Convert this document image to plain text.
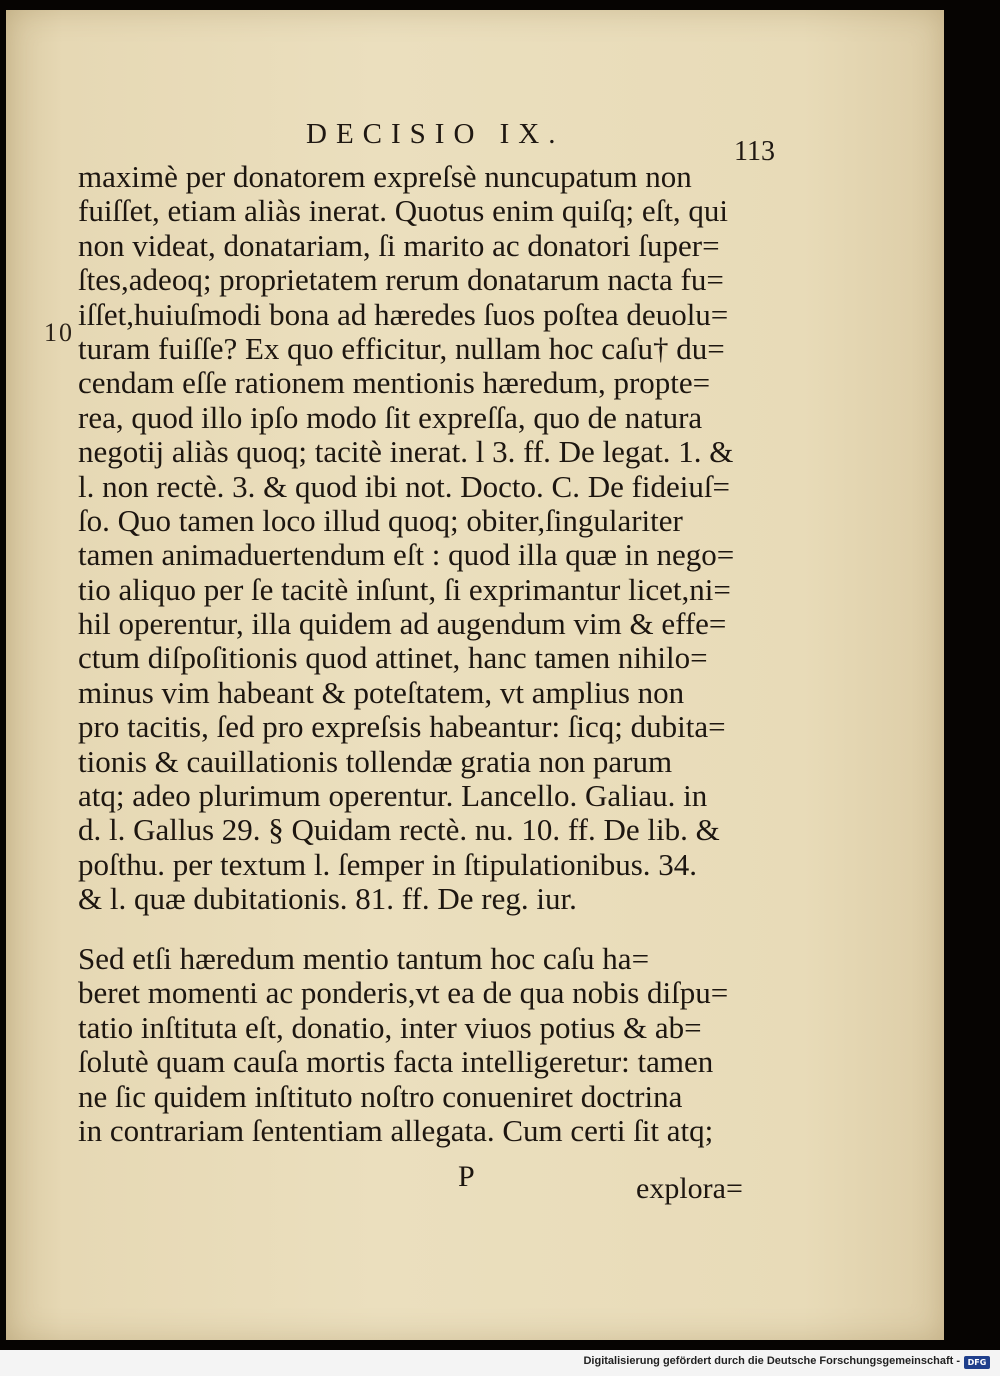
DECISIO IX.
113
10
maximè per donatorem expreſsè nuncupatum non
fuiſſet, etiam aliàs inerat. Quotus enim quiſq; eſt, qui
non videat, donatariam, ſi marito ac donatori ſuper=
ſtes,adeoq; proprietatem rerum donatarum nacta fu=
iſſet,huiuſmodi bona ad hæredes ſuos poſtea deuolu=
turam fuiſſe? Ex quo efficitur, nullam hoc caſu† du=
cendam eſſe rationem mentionis hæredum, propte=
rea, quod illo ipſo modo ſit expreſſa, quo de natura
negotij aliàs quoq; tacitè inerat. l 3. ff. De legat. 1. &
l. non rectè. 3. & quod ibi not. Docto. C. De fideiuſ=
ſo. Quo tamen loco illud quoq; obiter,ſingulariter
tamen animaduertendum eſt : quod illa quæ in nego=
tio aliquo per ſe tacitè inſunt, ſi exprimantur licet,ni=
hil operentur, illa quidem ad augendum vim & effe=
ctum diſpoſitionis quod attinet, hanc tamen nihilo=
minus vim habeant & poteſtatem, vt amplius non
pro tacitis, ſed pro expreſsis habeantur: ſicq; dubita=
tionis & cauillationis tollendæ gratia non parum
atq; adeo plurimum operentur. Lancello. Galiau. in
d. l. Gallus 29. § Quidam rectè. nu. 10. ff. De lib. &
poſthu. per textum l. ſemper in ſtipulationibus. 34.
& l. quæ dubitationis. 81. ff. De reg. iur.
Sed etſi hæredum mentio tantum hoc caſu ha=
beret momenti ac ponderis,vt ea de qua nobis diſpu=
tatio inſtituta eſt, donatio, inter viuos potius & ab=
ſolutè quam cauſa mortis facta intelligeretur: tamen
ne ſic quidem inſtituto noſtro conueniret doctrina
in contrariam ſententiam allegata. Cum certi ſit atq;
P	explora=
Digitalisierung gefördert durch die Deutsche Forschungsgemeinschaft - DFG
